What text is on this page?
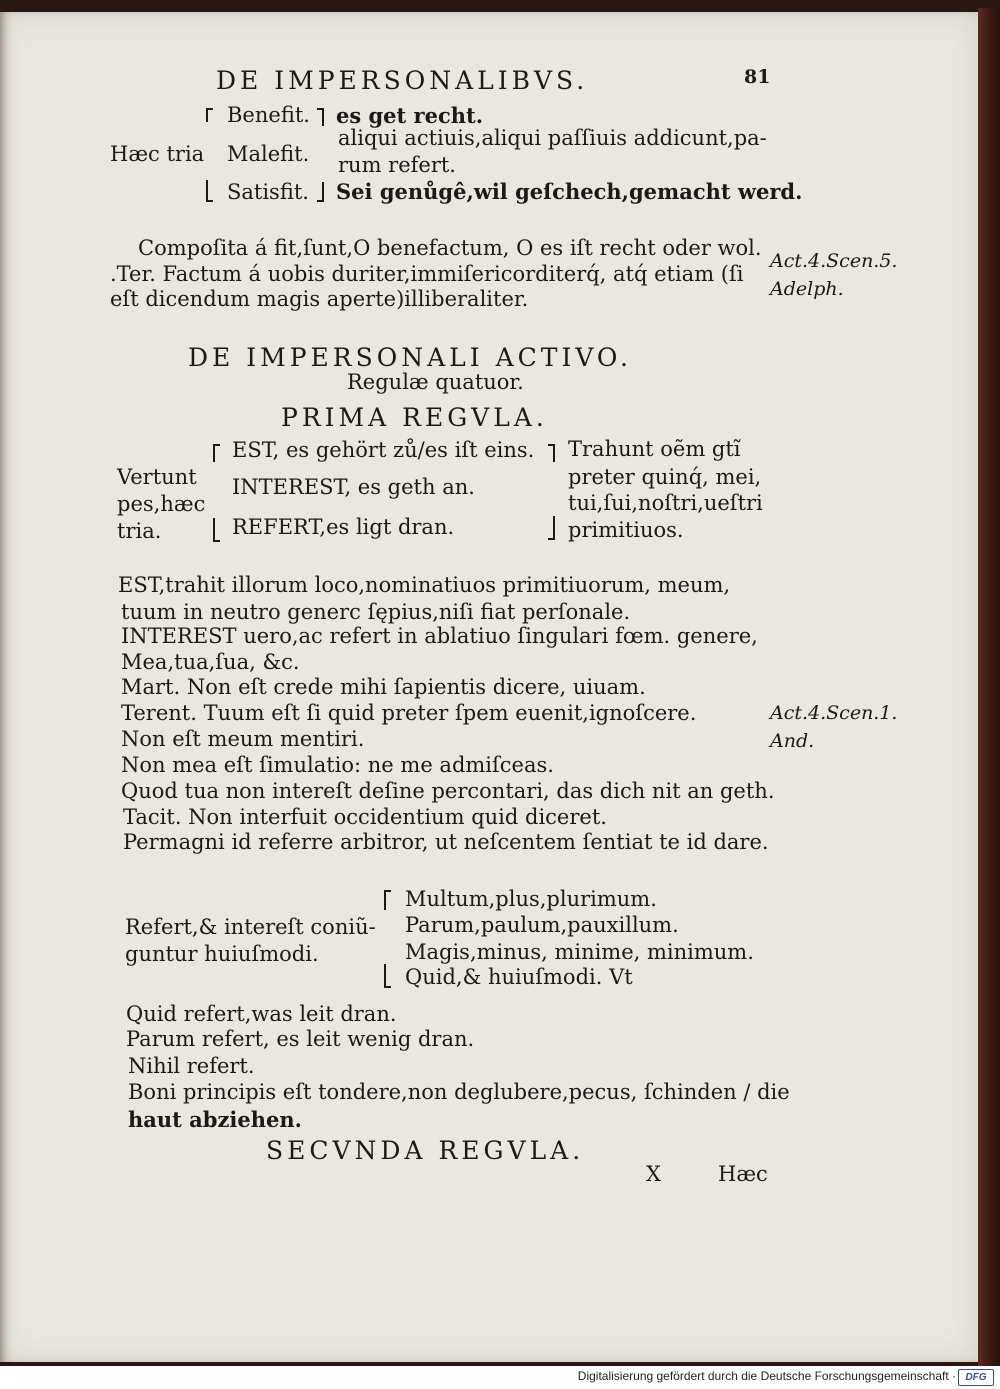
DE IMPERSONALIBVS.	81
Hæc tria
Benefit.
Malefit.
Satisfit.
es get recht.
aliqui actiuis,aliqui paſſiuis addicunt,pa-
rum refert.
Sei genůgê,wil geſchech,gemacht werd.
Compoſita á fit,ſunt,O benefactum, O es iſt recht oder wol.
.Ter. Factum á uobis duriter,immiſericorditerq́, atq́ etiam (ſi
eſt dicendum magis aperte)illiberaliter.
Act.4.Scen.5.
Adelph.
DE IMPERSONALI ACTIVO.
Regulæ quatuor.
PRIMA REGVLA.
Vertunt
pes,hæc
tria.
EST, es gehört zů/es iſt eins.
INTEREST, es geth an.
REFERT,es ligt dran.
Trahunt oẽm gtĩ
preter quinq́, mei,
tui,ſui,noſtri,ueſtri
primitiuos.
EST,trahit illorum loco,nominatiuos primitiuorum, meum,
tuum in neutro generc ſępius,niſi fiat perſonale.
INTEREST uero,ac refert in ablatiuo ſingulari fœm. genere,
Mea,tua,ſua, &c.
Mart. Non eſt crede mihi ſapientis dicere, uiuam.
Terent. Tuum eſt ſi quid preter ſpem euenit,ignoſcere.
Non eſt meum mentiri.
Non mea eſt ſimulatio: ne me admiſceas.
Quod tua non intereſt deſine percontari, das dich nit an geth.
Tacit. Non interfuit occidentium quid diceret.
Permagni id referre arbitror, ut neſcentem ſentiat te id dare.
Act.4.Scen.1.
And.
Refert,& intereſt coniũ-
guntur huiuſmodi.
Multum,plus,plurimum.
Parum,paulum,pauxillum.
Magis,minus, minime, minimum.
Quid,& huiuſmodi. Vt
Quid refert,was leit dran.
Parum refert, es leit wenig dran.
Nihil refert.
Boni principis eſt tondere,non deglubere,pecus, ſchinden / die
haut abziehen.
SECVNDA REGVLA.
X	Hæc
Digitalisierung gefördert durch die Deutsche Forschungsgemeinschaft · DFG
